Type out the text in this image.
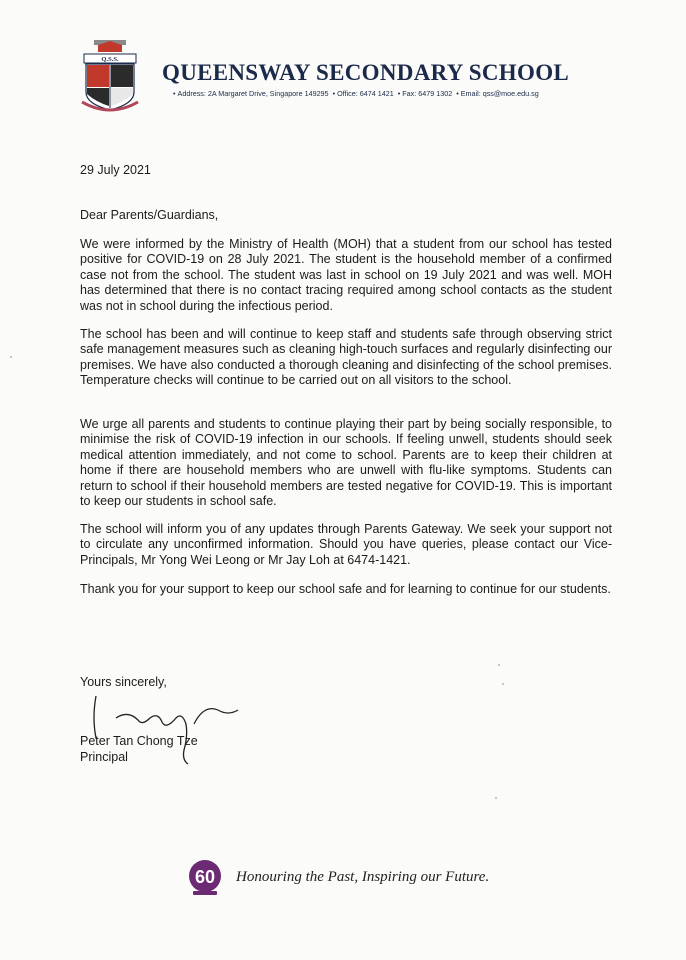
Q.S.S.
QUEENSWAY SECONDARY SCHOOL
• Address: 2A Margaret Drive, Singapore 149295 • Office: 6474 1421 • Fax: 6479 1302 • Email: qss@moe.edu.sg
29 July 2021
Dear Parents/Guardians,

We were informed by the Ministry of Health (MOH) that a student from our school has tested positive for COVID-19 on 28 July 2021. The student is the household member of a confirmed case not from the school. The student was last in school on 19 July 2021 and was well. MOH has determined that there is no contact tracing required among school contacts as the student was not in school during the infectious period.

The school has been and will continue to keep staff and students safe through observing strict safe management measures such as cleaning high-touch surfaces and regularly disinfecting our premises. We have also conducted a thorough cleaning and disinfecting of the school premises. Temperature checks will continue to be carried out on all visitors to the school.

We urge all parents and students to continue playing their part by being socially responsible, to minimise the risk of COVID-19 infection in our schools. If feeling unwell, students should seek medical attention immediately, and not come to school. Parents are to keep their children at home if there are household members who are unwell with flu-like symptoms. Students can return to school if their household members are tested negative for COVID-19. This is important to keep our students in school safe.

The school will inform you of any updates through Parents Gateway. We seek your support not to circulate any unconfirmed information. Should you have queries, please contact our Vice-Principals, Mr Yong Wei Leong or Mr Jay Loh at 6474-1421.

Thank you for your support to keep our school safe and for learning to continue for our students.

Yours sincerely,
Peter Tan Chong Tze
Principal
60 Honouring the Past, Inspiring our Future.
